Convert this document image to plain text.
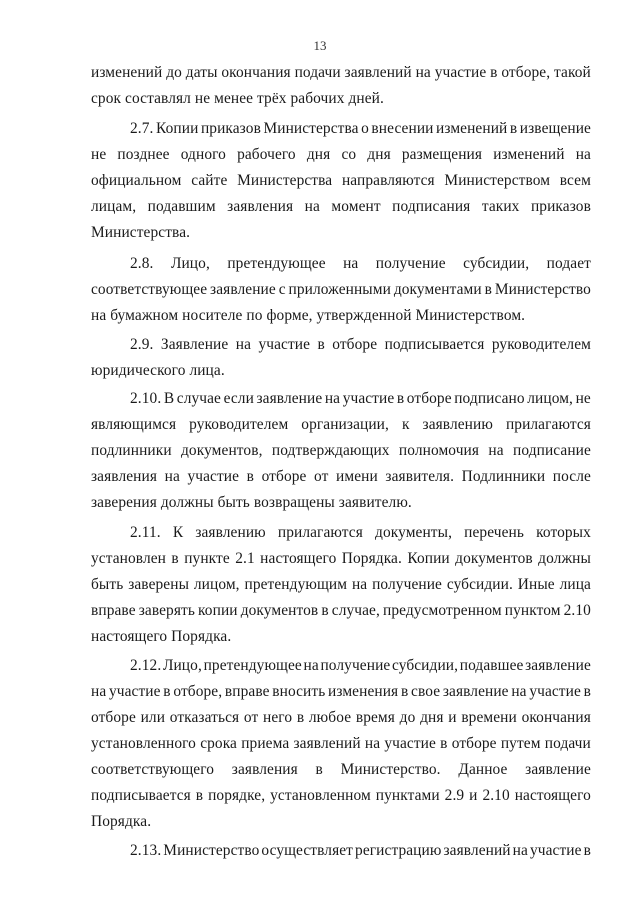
13
изменений до даты окончания подачи заявлений на участие в отборе, такой
срок составлял не менее трёх рабочих дней.
2.7. Копии приказов Министерства о внесении изменений в извещение
не позднее одного рабочего дня со дня размещения изменений на
официальном сайте Министерства направляются Министерством всем
лицам, подавшим заявления на момент подписания таких приказов
Министерства.
2.8. Лицо, претендующее на получение субсидии, подает
соответствующее заявление с приложенными документами в Министерство
на бумажном носителе по форме, утвержденной Министерством.
2.9. Заявление на участие в отборе подписывается руководителем
юридического лица.
2.10. В случае если заявление на участие в отборе подписано лицом, не
являющимся руководителем организации, к заявлению прилагаются
подлинники документов, подтверждающих полномочия на подписание
заявления на участие в отборе от имени заявителя. Подлинники после
заверения должны быть возвращены заявителю.
2.11. К заявлению прилагаются документы, перечень которых
установлен в пункте 2.1 настоящего Порядка. Копии документов должны
быть заверены лицом, претендующим на получение субсидии. Иные лица
вправе заверять копии документов в случае, предусмотренном пунктом 2.10
настоящего Порядка.
2.12. Лицо, претендующее на получение субсидии, подавшее заявление
на участие в отборе, вправе вносить изменения в свое заявление на участие в
отборе или отказаться от него в любое время до дня и времени окончания
установленного срока приема заявлений на участие в отборе путем подачи
соответствующего заявления в Министерство. Данное заявление
подписывается в порядке, установленном пунктами 2.9 и 2.10 настоящего
Порядка.
2.13. Министерство осуществляет регистрацию заявлений на участие в
